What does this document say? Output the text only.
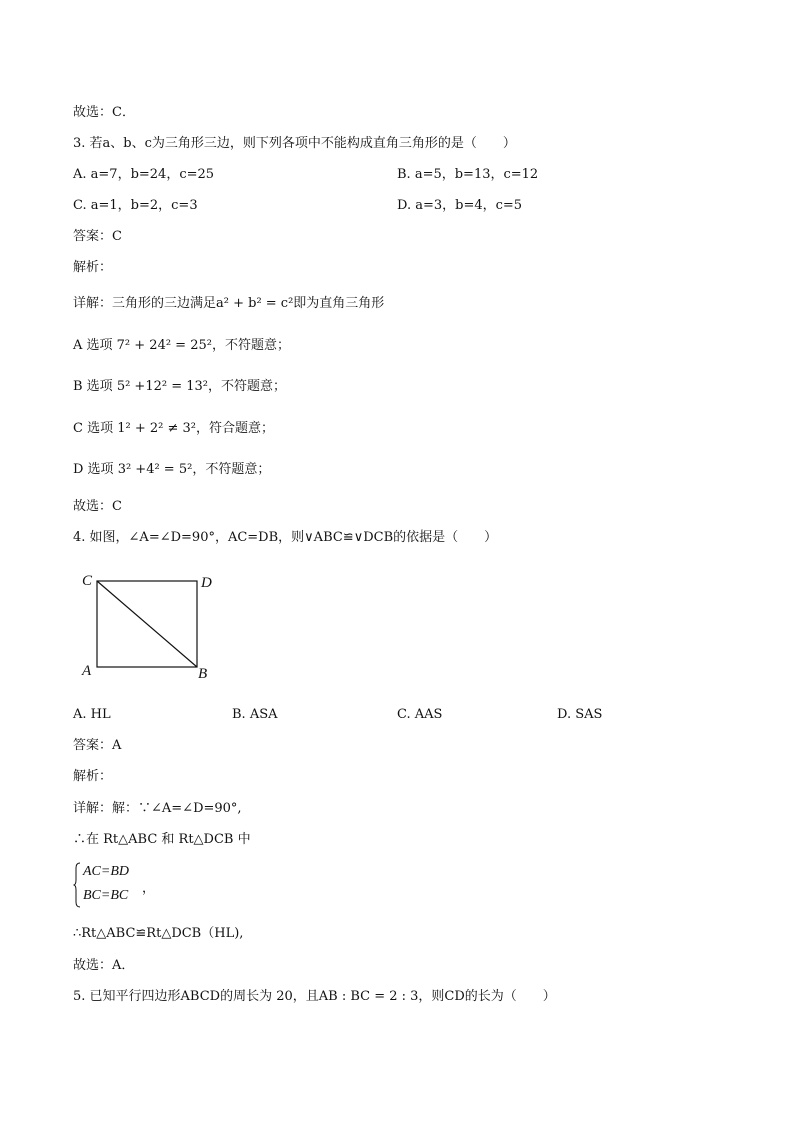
故选：C．
3. 若a、b、c为三角形三边，则下列各项中不能构成直角三角形的是（　　）
A. a=7，b=24，c=25	B. a=5，b=13，c=12
C. a=1，b=2，c=3	D. a=3，b=4，c=5
答案：C
解析：
详解：三角形的三边满足a² + b² = c²即为直角三角形
A 选项 7² + 24² = 25²，不符题意；
B 选项 5² +12² = 13²，不符题意；
C 选项 1² + 2² ≠ 3²，符合题意；
D 选项 3² +4² = 5²，不符题意；
故选：C
4. 如图，∠A=∠D=90°，AC=DB，则∨ABC≌∨DCB的依据是（　　）
C	D
A	B
A. HL	B. ASA	C. AAS	D. SAS
答案：A
解析：
详解：解：∵∠A=∠D=90°,
∴在 Rt△ABC 和 Rt△DCB 中
AC=BD
BC=BC ，
∴Rt△ABC≌Rt△DCB（HL),
故选：A．
5. 已知平行四边形ABCD的周长为 20，且AB : BC = 2 : 3，则CD的长为（　　）
